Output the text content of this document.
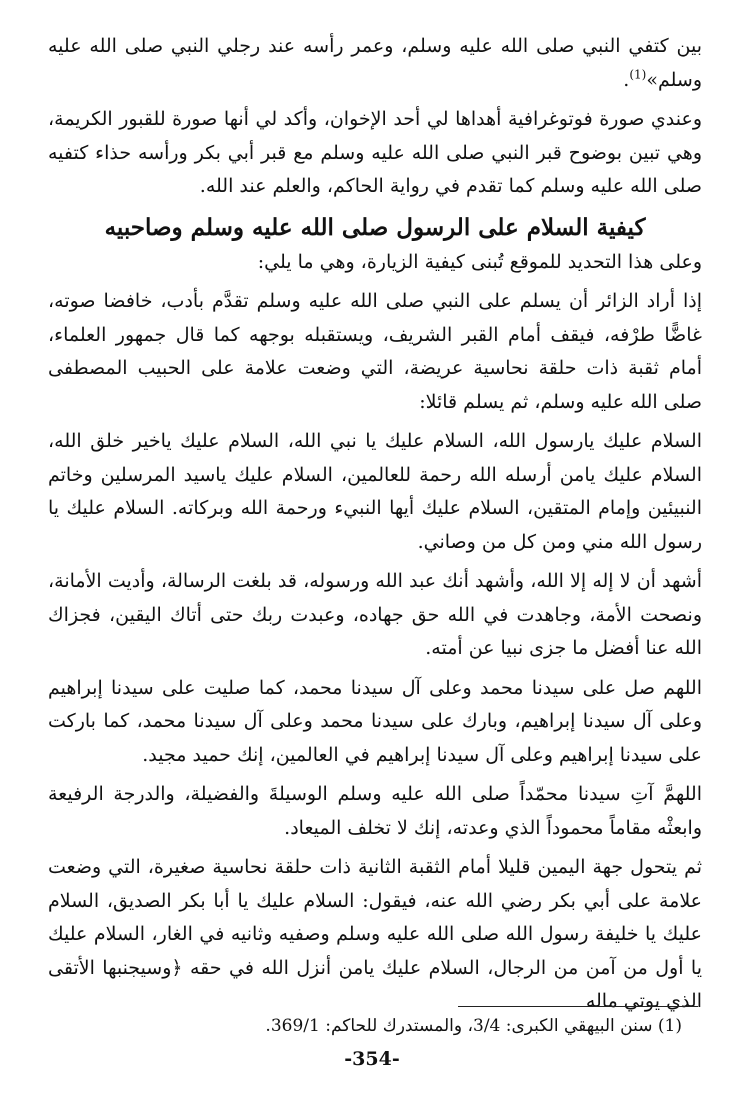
بين كتفي النبي صلى الله عليه وسلم، وعمر رأسه عند رجلي النبي صلى الله عليه وسلم»$^{(1)}$.

وعندي صورة فوتوغرافية أهداها لي أحد الإخوان، وأكد لي أنها صورة للقبور الكريمة، وهي تبين بوضوح قبر النبي صلى الله عليه وسلم مع قبر أبي بكر ورأسه حذاء كتفيه صلى الله عليه وسلم كما تقدم في رواية الحاكم، والعلم عند الله.

كيفية السلام على الرسول صلى الله عليه وسلم وصاحبيه

وعلى هذا التحديد للموقع تُبنى كيفية الزيارة، وهي ما يلي:

إذا أراد الزائر أن يسلم على النبي صلى الله عليه وسلم تقدَّم بأدب، خافضا صوته، غاضًّا طرْفه، فيقف أمام القبر الشريف، ويستقبله بوجهه كما قال جمهور العلماء، أمام ثقبة ذات حلقة نحاسية عريضة، التي وضعت علامة على الحبيب المصطفى صلى الله عليه وسلم، ثم يسلم قائلا:

السلام عليك يارسول الله، السلام عليك يا نبي الله، السلام عليك ياخير خلق الله، السلام عليك يامن أرسله الله رحمة للعالمين، السلام عليك ياسيد المرسلين وخاتم النبيئين وإمام المتقين، السلام عليك أيها النبيء ورحمة الله وبركاته. السلام عليك يا رسول الله مني ومن كل من وصاني.

أشهد أن لا إله إلا الله، وأشهد أنك عبد الله ورسوله، قد بلغت الرسالة، وأديت الأمانة، ونصحت الأمة، وجاهدت في الله حق جهاده، وعبدت ربك حتى أتاك اليقين، فجزاك الله عنا أفضل ما جزى نبيا عن أمته.

اللهم صل على سيدنا محمد وعلى آل سيدنا محمد، كما صليت على سيدنا إبراهيم وعلى آل سيدنا إبراهيم، وبارك على سيدنا محمد وعلى آل سيدنا محمد، كما باركت على سيدنا إبراهيم وعلى آل سيدنا إبراهيم في العالمين، إنك حميد مجيد.

اللهمَّ آتِ سيدنا محمّداً صلى الله عليه وسلم الوسيلةَ والفضيلة، والدرجة الرفيعة وابعثْه مقاماً محموداً الذي وعدته، إنك لا تخلف الميعاد.

ثم يتحول جهة اليمين قليلا أمام الثقبة الثانية ذات حلقة نحاسية صغيرة، التي وضعت علامة على أبي بكر رضي الله عنه، فيقول: السلام عليك يا أبا بكر الصديق، السلام عليك يا خليفة رسول الله صلى الله عليه وسلم وصفيه وثانيه في الغار، السلام عليك يا أول من آمن من الرجال، السلام عليك يامن أنزل الله في حقه ﴿وسيجنبها الأتقى الذي يوتي ماله

(1) سنن البيهقي الكبرى: 3/4، والمستدرك للحاكم: 369/1.
-354-
